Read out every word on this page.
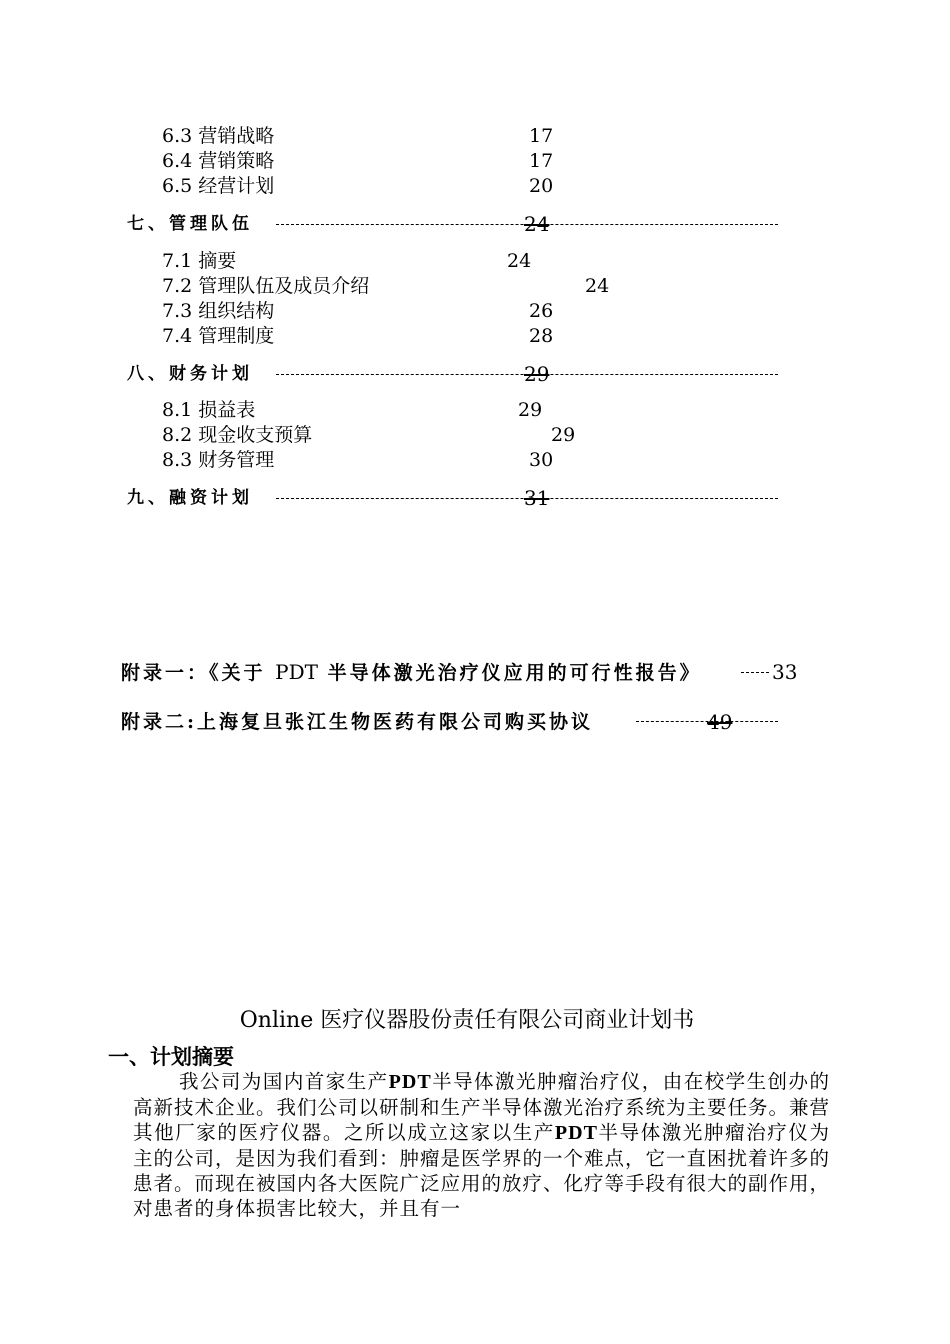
6.3 营销战略	17
6.4 营销策略	17
6.5 经营计划	20
七、管理队伍	24
7.1 摘要	24
7.2 管理队伍及成员介绍	24
7.3 组织结构	26
7.4 管理制度	28
八、财务计划	29
8.1 损益表	29
8.2 现金收支预算	29
8.3 财务管理	30
九、融资计划	31
附录一：《关于 PDT 半导体激光治疗仪应用的可行性报告》	33
附录二:上海复旦张江生物医药有限公司购买协议	49
Online 医疗仪器股份责任有限公司商业计划书
一、计划摘要
我公司为国内首家生产PDT半导体激光肿瘤治疗仪，由在校学生创办的高新技术企业。我们公司以研制和生产半导体激光治疗系统为主要任务。兼营其他厂家的医疗仪器。之所以成立这家以生产PDT半导体激光肿瘤治疗仪为主的公司，是因为我们看到：肿瘤是医学界的一个难点，它一直困扰着许多的患者。而现在被国内各大医院广泛应用的放疗、化疗等手段有很大的副作用，对患者的身体损害比较大，并且有一
